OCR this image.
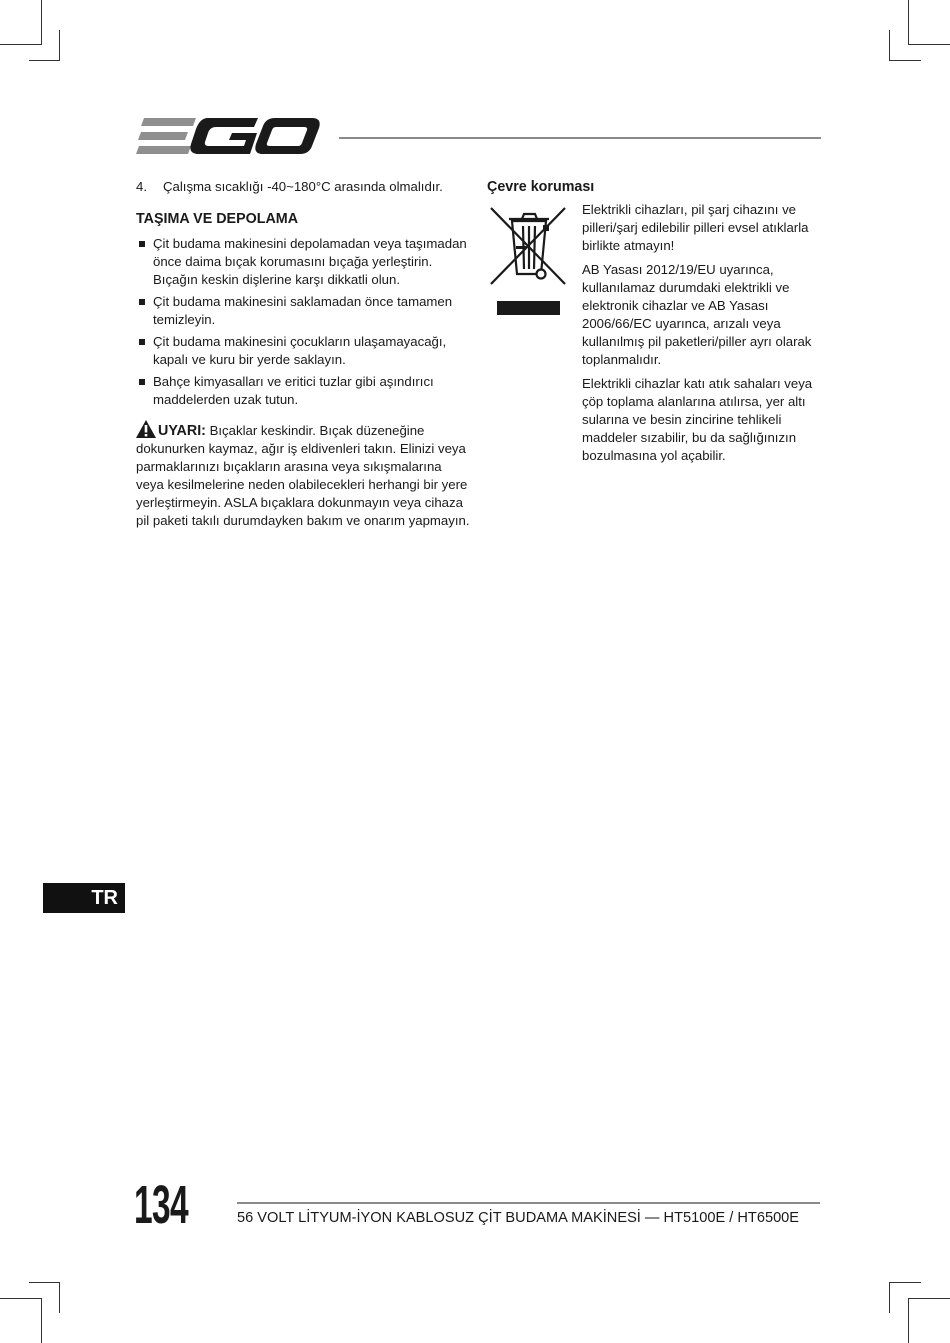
4.	Çalışma sıcaklığı -40~180°C arasında olmalıdır.
TAŞIMA VE DEPOLAMA
Çit budama makinesini depolamadan veya taşımadan önce daima bıçak korumasını bıçağa yerleştirin. Bıçağın keskin dişlerine karşı dikkatli olun.
Çit budama makinesini saklamadan önce tamamen temizleyin.
Çit budama makinesini çocukların ulaşamayacağı, kapalı ve kuru bir yerde saklayın.
Bahçe kimyasalları ve eritici tuzlar gibi aşındırıcı maddelerden uzak tutun.
UYARI: Bıçaklar keskindir. Bıçak düzeneğine dokunurken kaymaz, ağır iş eldivenleri takın. Elinizi veya parmaklarınızı bıçakların arasına veya sıkışmalarına veya kesilmelerine neden olabilecekleri herhangi bir yere yerleştirmeyin. ASLA bıçaklara dokunmayın veya cihaza pil paketi takılı durumdayken bakım ve onarım yapmayın.
Çevre koruması

Elektrikli cihazları, pil şarj cihazını ve pilleri/şarj edilebilir pilleri evsel atıklarla birlikte atmayın!

AB Yasası 2012/19/EU uyarınca, kullanılamaz durumdaki elektrikli ve elektronik cihazlar ve AB Yasası 2006/66/EC uyarınca, arızalı veya kullanılmış pil paketleri/piller ayrı olarak toplanmalıdır.

Elektrikli cihazlar katı atık sahaları veya çöp toplama alanlarına atılırsa, yer altı sularına ve besin zincirine tehlikeli maddeler sızabilir, bu da sağlığınızın bozulmasına yol açabilir.

TR
134	56 VOLT LİTYUM-İYON KABLOSUZ ÇİT BUDAMA MAKİNESİ — HT5100E / HT6500E
